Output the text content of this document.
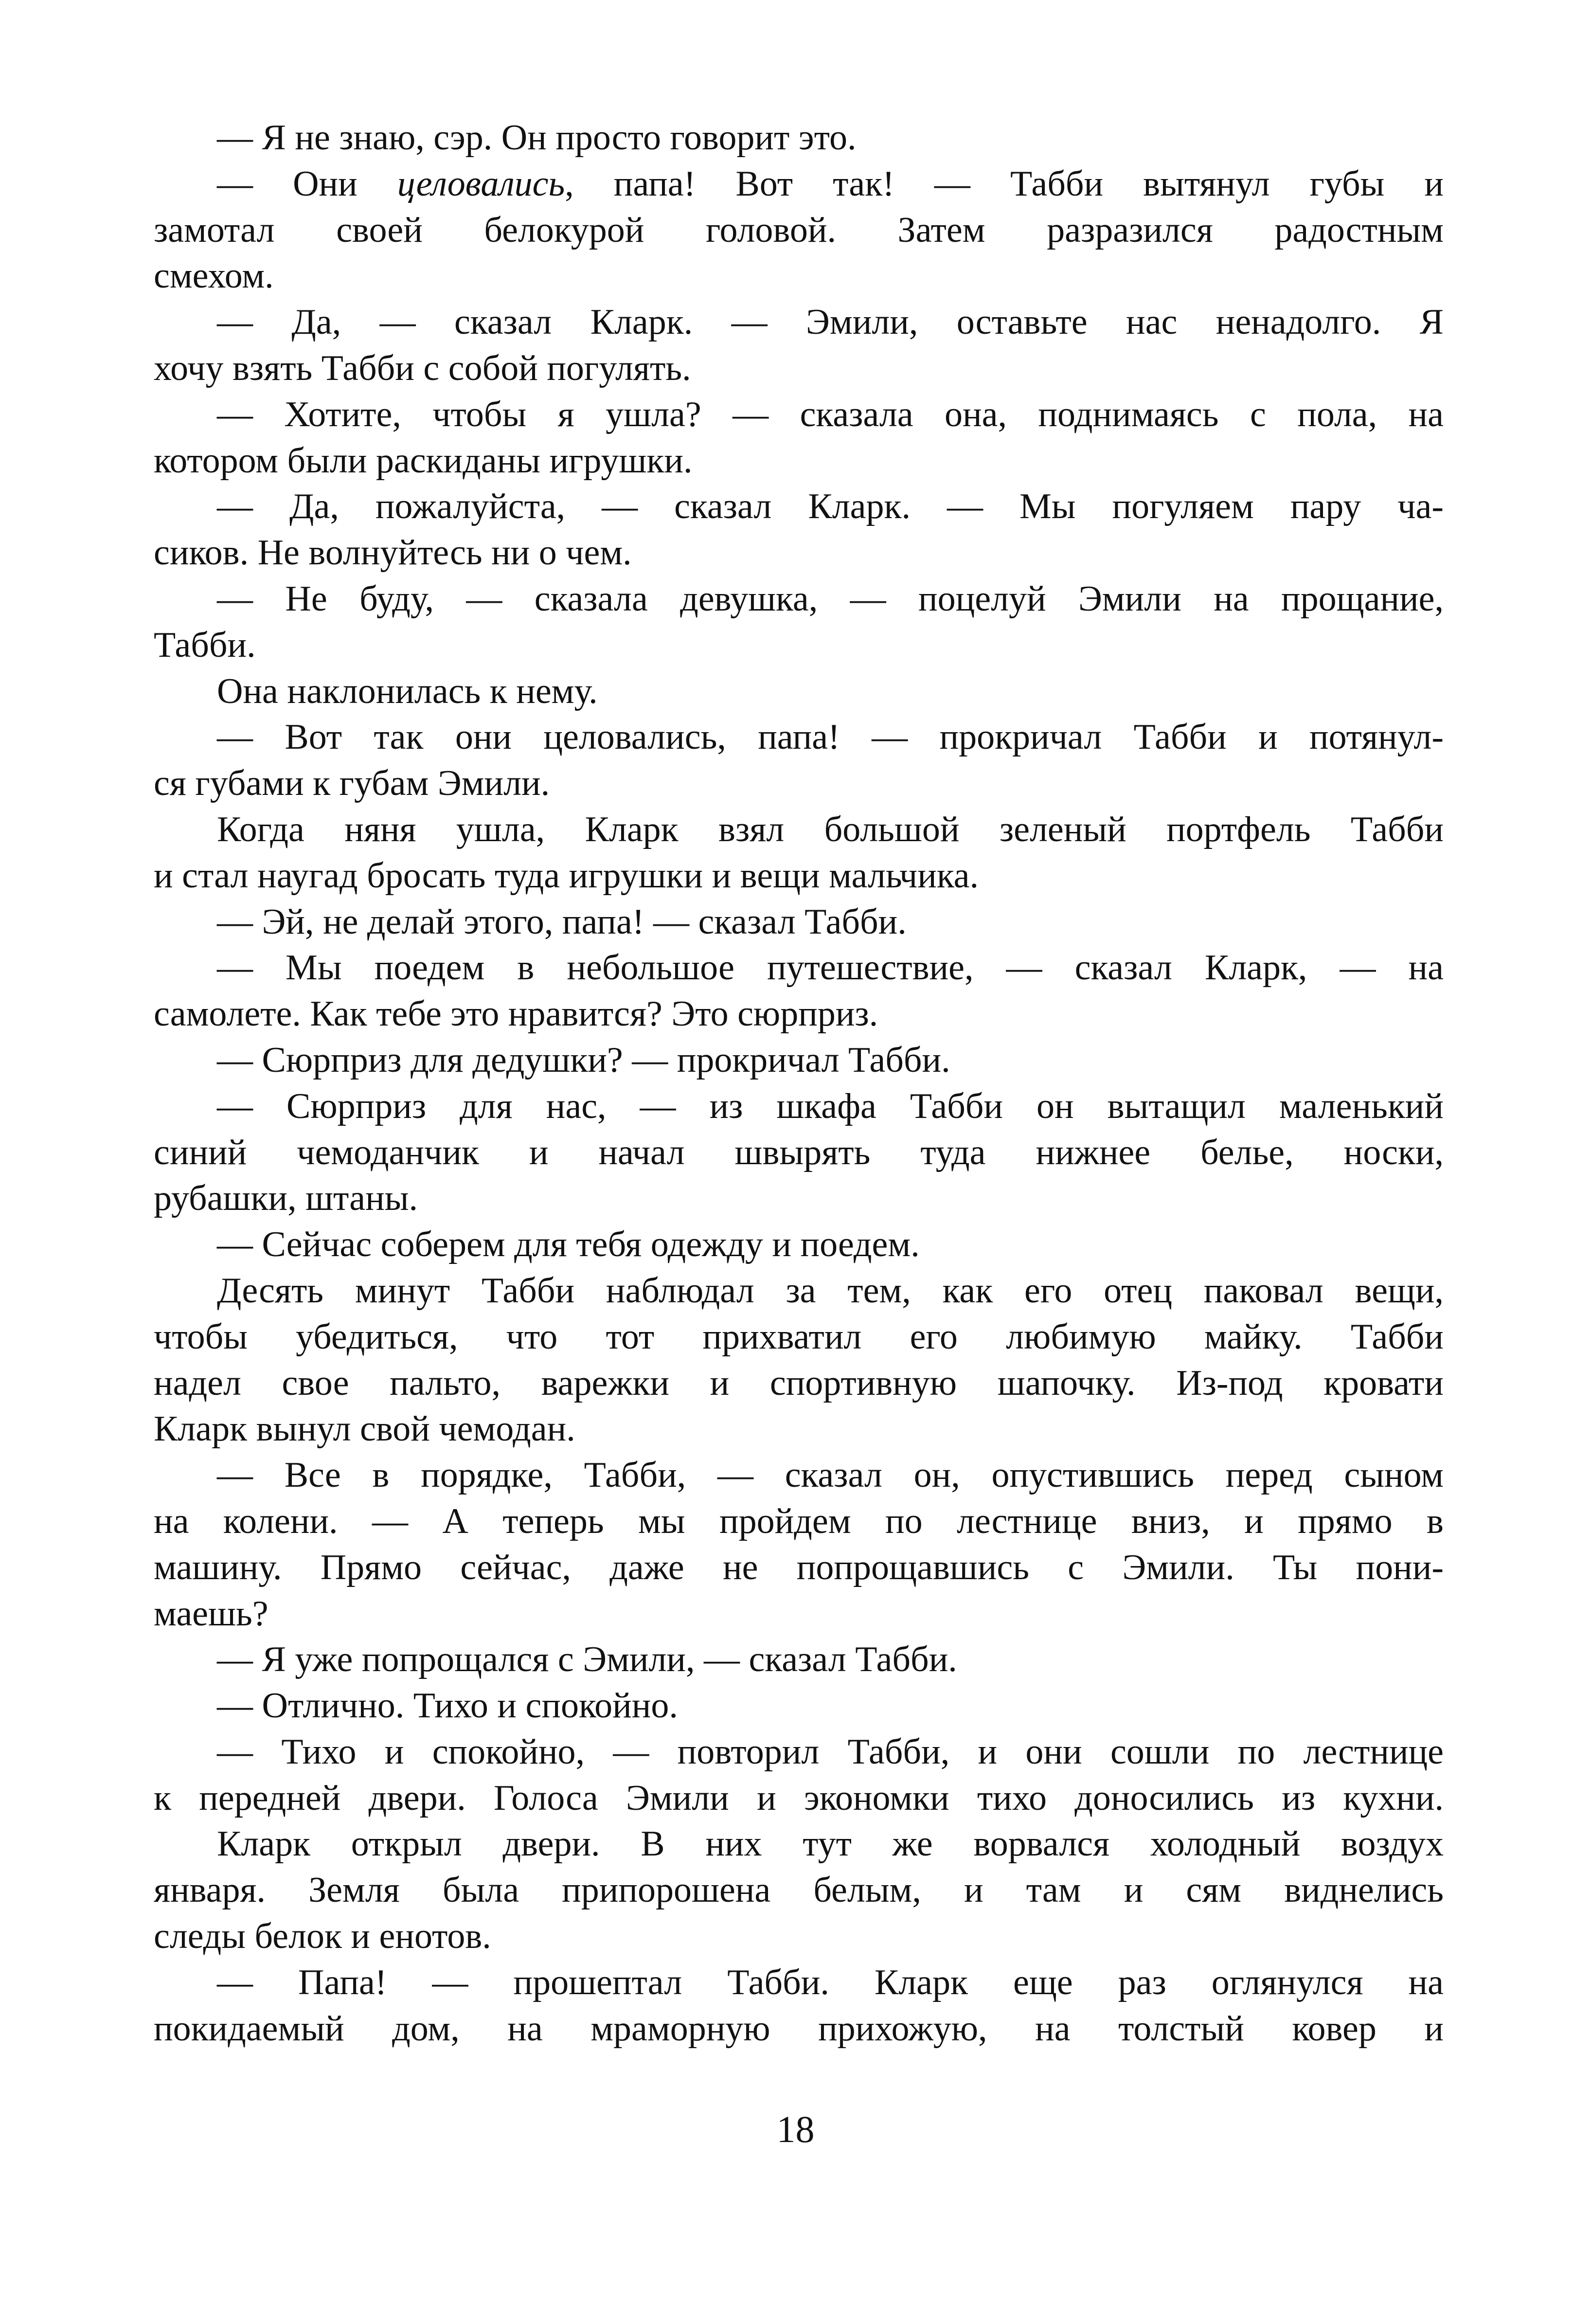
— Я не знаю, сэр. Он просто говорит это.
— Они целовались, папа! Вот так! — Табби вытянул губы и
замотал своей белокурой головой. Затем разразился радостным
смехом.
— Да, — сказал Кларк. — Эмили, оставьте нас ненадолго. Я
хочу взять Табби с собой погулять.
— Хотите, чтобы я ушла? — сказала она, поднимаясь с пола, на
котором были раскиданы игрушки.
— Да, пожалуйста, — сказал Кларк. — Мы погуляем пару ча-
сиков. Не волнуйтесь ни о чем.
— Не буду, — сказала девушка, — поцелуй Эмили на прощание,
Табби.
Она наклонилась к нему.
— Вот так они целовались, папа! — прокричал Табби и потянул-
ся губами к губам Эмили.
Когда няня ушла, Кларк взял большой зеленый портфель Табби
и стал наугад бросать туда игрушки и вещи мальчика.
— Эй, не делай этого, папа! — сказал Табби.
— Мы поедем в небольшое путешествие, — сказал Кларк, — на
самолете. Как тебе это нравится? Это сюрприз.
— Сюрприз для дедушки? — прокричал Табби.
— Сюрприз для нас, — из шкафа Табби он вытащил маленький
синий чемоданчик и начал швырять туда нижнее белье, носки,
рубашки, штаны.
— Сейчас соберем для тебя одежду и поедем.
Десять минут Табби наблюдал за тем, как его отец паковал вещи,
чтобы убедиться, что тот прихватил его любимую майку. Табби
надел свое пальто, варежки и спортивную шапочку. Из-под кровати
Кларк вынул свой чемодан.
— Все в порядке, Табби, — сказал он, опустившись перед сыном
на колени. — А теперь мы пройдем по лестнице вниз, и прямо в
машину. Прямо сейчас, даже не попрощавшись с Эмили. Ты пони-
маешь?
— Я уже попрощался с Эмили, — сказал Табби.
— Отлично. Тихо и спокойно.
— Тихо и спокойно, — повторил Табби, и они сошли по лестнице
к передней двери. Голоса Эмили и экономки тихо доносились из кухни.
Кларк открыл двери. В них тут же ворвался холодный воздух
января. Земля была припорошена белым, и там и сям виднелись
следы белок и енотов.
— Папа! — прошептал Табби. Кларк еще раз оглянулся на
покидаемый дом, на мраморную прихожую, на толстый ковер и
18
